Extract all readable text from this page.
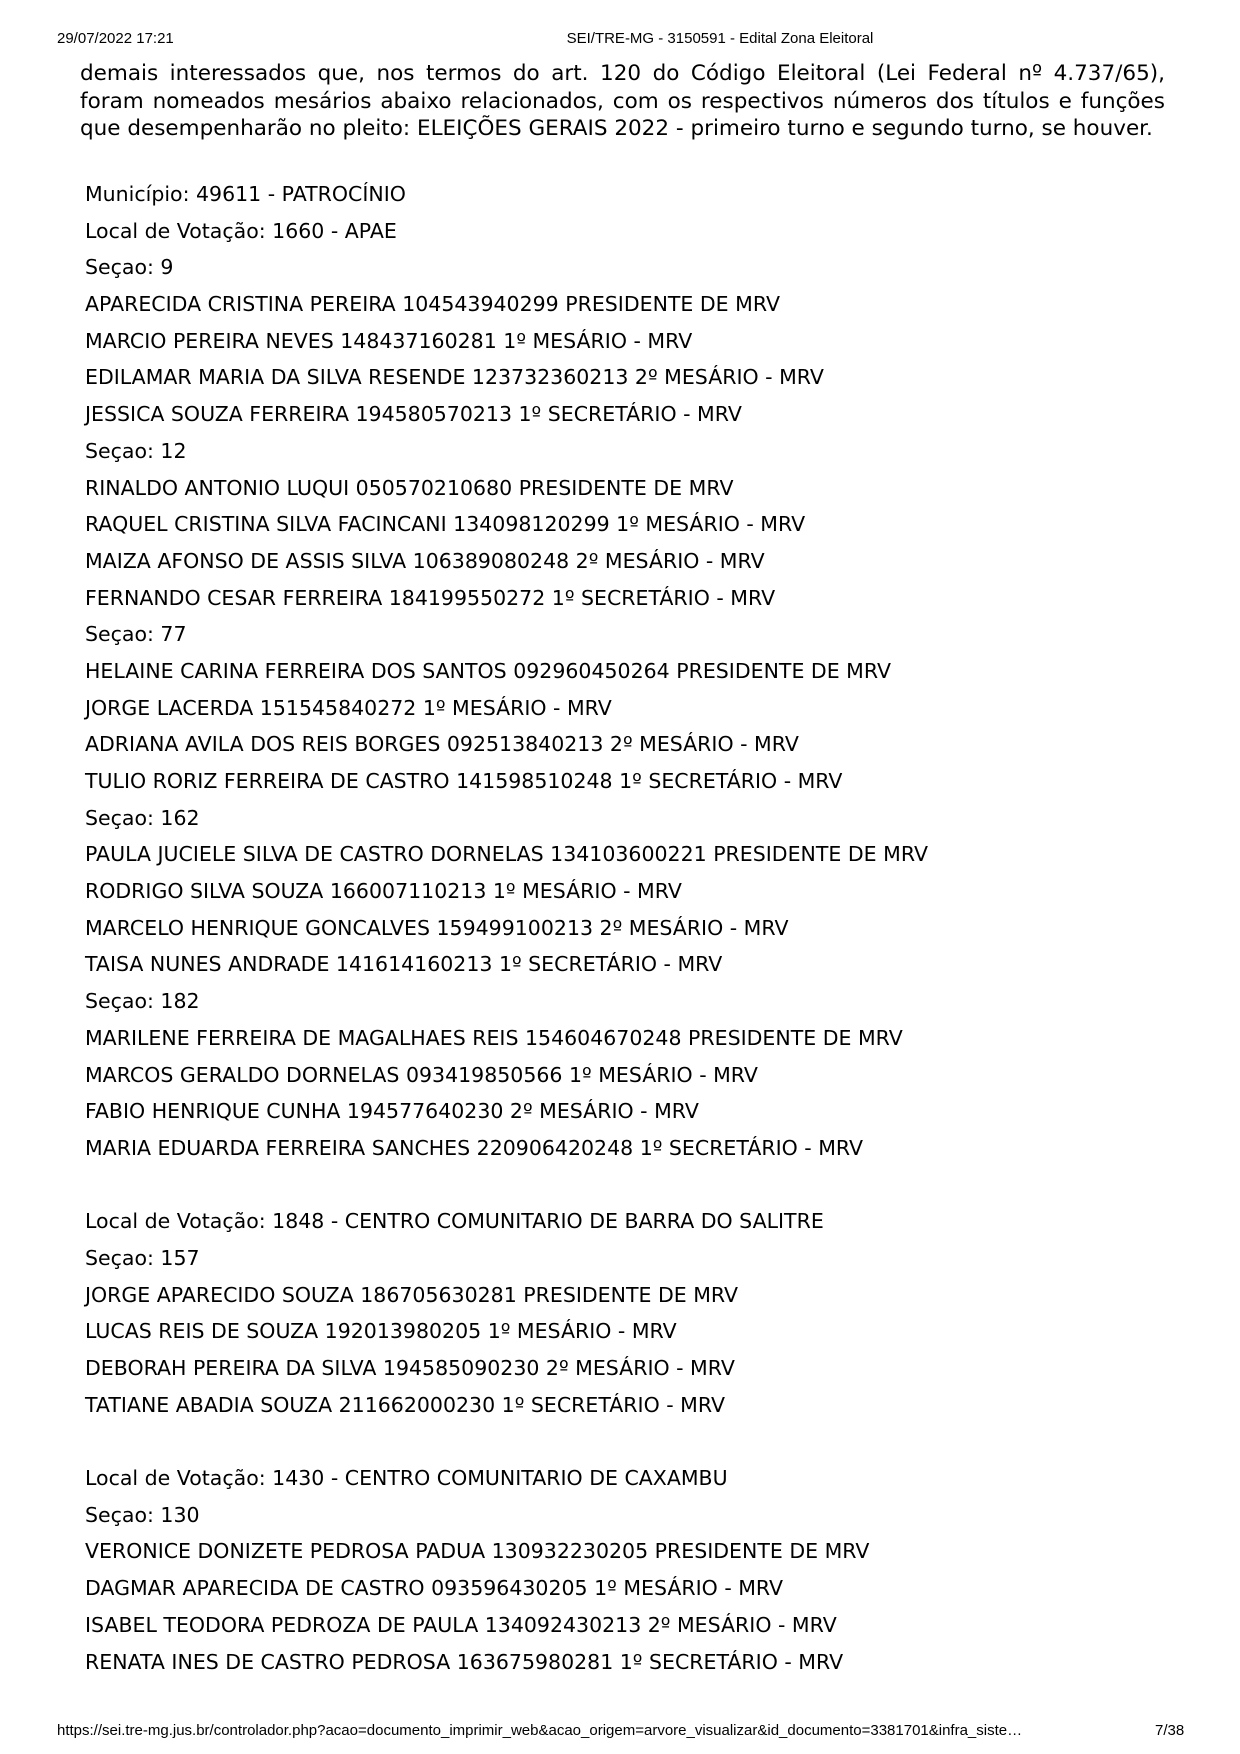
29/07/2022 17:21	SEI/TRE-MG - 3150591 - Edital Zona Eleitoral
demais interessados que, nos termos do art. 120 do Código Eleitoral (Lei Federal nº 4.737/65), foram nomeados mesários abaixo relacionados, com os respectivos números dos títulos e funções que desempenharão no pleito: ELEIÇÕES GERAIS 2022 - primeiro turno e segundo turno, se houver.
Município: 49611 - PATROCÍNIO
Local de Votação: 1660 - APAE
Seçao: 9
APARECIDA CRISTINA PEREIRA 104543940299 PRESIDENTE DE MRV
MARCIO PEREIRA NEVES 148437160281 1º MESÁRIO - MRV
EDILAMAR MARIA DA SILVA RESENDE 123732360213 2º MESÁRIO - MRV
JESSICA SOUZA FERREIRA 194580570213 1º SECRETÁRIO - MRV
Seçao: 12
RINALDO ANTONIO LUQUI 050570210680 PRESIDENTE DE MRV
RAQUEL CRISTINA SILVA FACINCANI 134098120299 1º MESÁRIO - MRV
MAIZA AFONSO DE ASSIS SILVA 106389080248 2º MESÁRIO - MRV
FERNANDO CESAR FERREIRA 184199550272 1º SECRETÁRIO - MRV
Seçao: 77
HELAINE CARINA FERREIRA DOS SANTOS 092960450264 PRESIDENTE DE MRV
JORGE LACERDA 151545840272 1º MESÁRIO - MRV
ADRIANA AVILA DOS REIS BORGES 092513840213 2º MESÁRIO - MRV
TULIO RORIZ FERREIRA DE CASTRO 141598510248 1º SECRETÁRIO - MRV
Seçao: 162
PAULA JUCIELE SILVA DE CASTRO DORNELAS 134103600221 PRESIDENTE DE MRV
RODRIGO SILVA SOUZA 166007110213 1º MESÁRIO - MRV
MARCELO HENRIQUE GONCALVES 159499100213 2º MESÁRIO - MRV
TAISA NUNES ANDRADE 141614160213 1º SECRETÁRIO - MRV
Seçao: 182
MARILENE FERREIRA DE MAGALHAES REIS 154604670248 PRESIDENTE DE MRV
MARCOS GERALDO DORNELAS 093419850566 1º MESÁRIO - MRV
FABIO HENRIQUE CUNHA 194577640230 2º MESÁRIO - MRV
MARIA EDUARDA FERREIRA SANCHES 220906420248 1º SECRETÁRIO - MRV
Local de Votação: 1848 - CENTRO COMUNITARIO DE BARRA DO SALITRE
Seçao: 157
JORGE APARECIDO SOUZA 186705630281 PRESIDENTE DE MRV
LUCAS REIS DE SOUZA 192013980205 1º MESÁRIO - MRV
DEBORAH PEREIRA DA SILVA 194585090230 2º MESÁRIO - MRV
TATIANE ABADIA SOUZA 211662000230 1º SECRETÁRIO - MRV
Local de Votação: 1430 - CENTRO COMUNITARIO DE CAXAMBU
Seçao: 130
VERONICE DONIZETE PEDROSA PADUA 130932230205 PRESIDENTE DE MRV
DAGMAR APARECIDA DE CASTRO 093596430205 1º MESÁRIO - MRV
ISABEL TEODORA PEDROZA DE PAULA 134092430213 2º MESÁRIO - MRV
RENATA INES DE CASTRO PEDROSA 163675980281 1º SECRETÁRIO - MRV
https://sei.tre-mg.jus.br/controlador.php?acao=documento_imprimir_web&acao_origem=arvore_visualizar&id_documento=3381701&infra_siste…	7/38
